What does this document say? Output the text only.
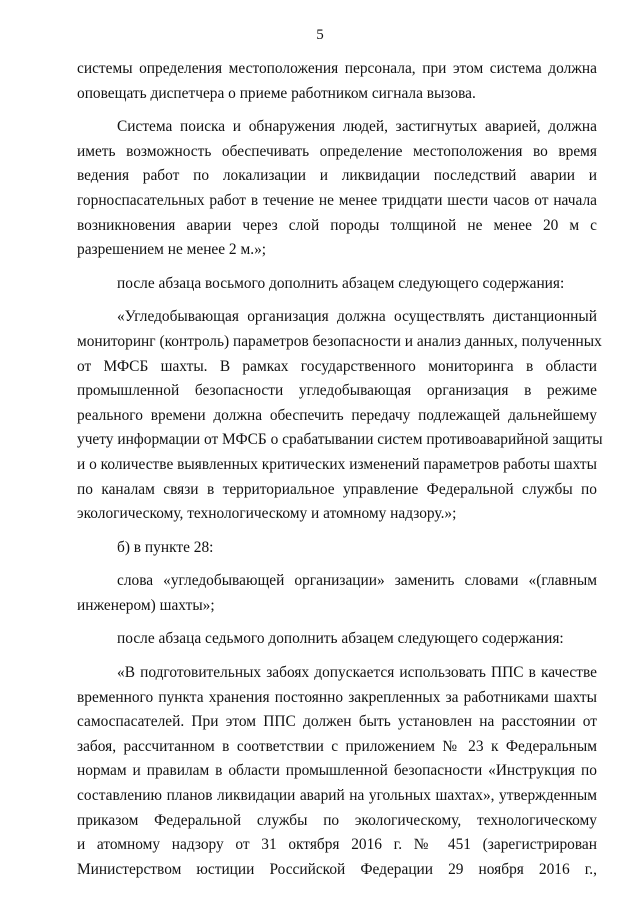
5

системы определения местоположения персонала, при этом система должна
оповещать диспетчера о приеме работником сигнала вызова.

Система поиска и обнаружения людей, застигнутых аварией, должна
иметь возможность обеспечивать определение местоположения во время
ведения работ по локализации и ликвидации последствий аварии и
горноспасательных работ в течение не менее тридцати шести часов от начала
возникновения аварии через слой породы толщиной не менее 20 м с
разрешением не менее 2 м.»;

после абзаца восьмого дополнить абзацем следующего содержания:

«Угледобывающая организация должна осуществлять дистанционный
мониторинг (контроль) параметров безопасности и анализ данных, полученных
от МФСБ шахты. В рамках государственного мониторинга в области
промышленной безопасности угледобывающая организация в режиме
реального времени должна обеспечить передачу подлежащей дальнейшему
учету информации от МФСБ о срабатывании систем противоаварийной защиты
и о количестве выявленных критических изменений параметров работы шахты
по каналам связи в территориальное управление Федеральной службы по
экологическому, технологическому и атомному надзору.»;

б) в пункте 28:

слова «угледобывающей организации» заменить словами «(главным
инженером) шахты»;

после абзаца седьмого дополнить абзацем следующего содержания:

«В подготовительных забоях допускается использовать ППС в качестве
временного пункта хранения постоянно закрепленных за работниками шахты
самоспасателей. При этом ППС должен быть установлен на расстоянии от
забоя, рассчитанном в соответствии с приложением № 23 к Федеральным
нормам и правилам в области промышленной безопасности «Инструкция по
составлению планов ликвидации аварий на угольных шахтах», утвержденным
приказом Федеральной службы по экологическому, технологическому
и атомному надзору от 31 октября 2016 г. № 451 (зарегистрирован
Министерством юстиции Российской Федерации 29 ноября 2016 г.,
